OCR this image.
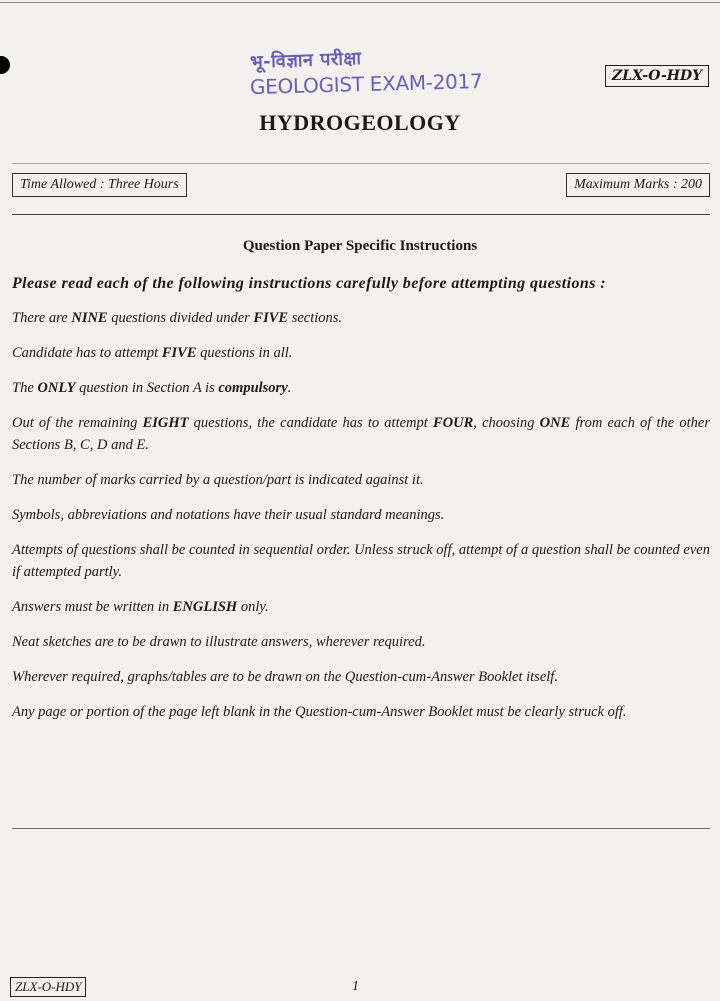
भू-विज्ञान परीक्षा
GEOLOGIST EXAM-2017	ZLX-O-HDY
HYDROGEOLOGY
Time Allowed : Three Hours	Maximum Marks : 200
Question Paper Specific Instructions
Please read each of the following instructions carefully before attempting questions :
There are NINE questions divided under FIVE sections.
Candidate has to attempt FIVE questions in all.
The ONLY question in Section A is compulsory.
Out of the remaining EIGHT questions, the candidate has to attempt FOUR, choosing ONE from each of the other Sections B, C, D and E.
The number of marks carried by a question/part is indicated against it.
Symbols, abbreviations and notations have their usual standard meanings.
Attempts of questions shall be counted in sequential order. Unless struck off, attempt of a question shall be counted even if attempted partly.
Answers must be written in ENGLISH only.
Neat sketches are to be drawn to illustrate answers, wherever required.
Wherever required, graphs/tables are to be drawn on the Question-cum-Answer Booklet itself.
Any page or portion of the page left blank in the Question-cum-Answer Booklet must be clearly struck off.
ZLX-O-HDY	1
